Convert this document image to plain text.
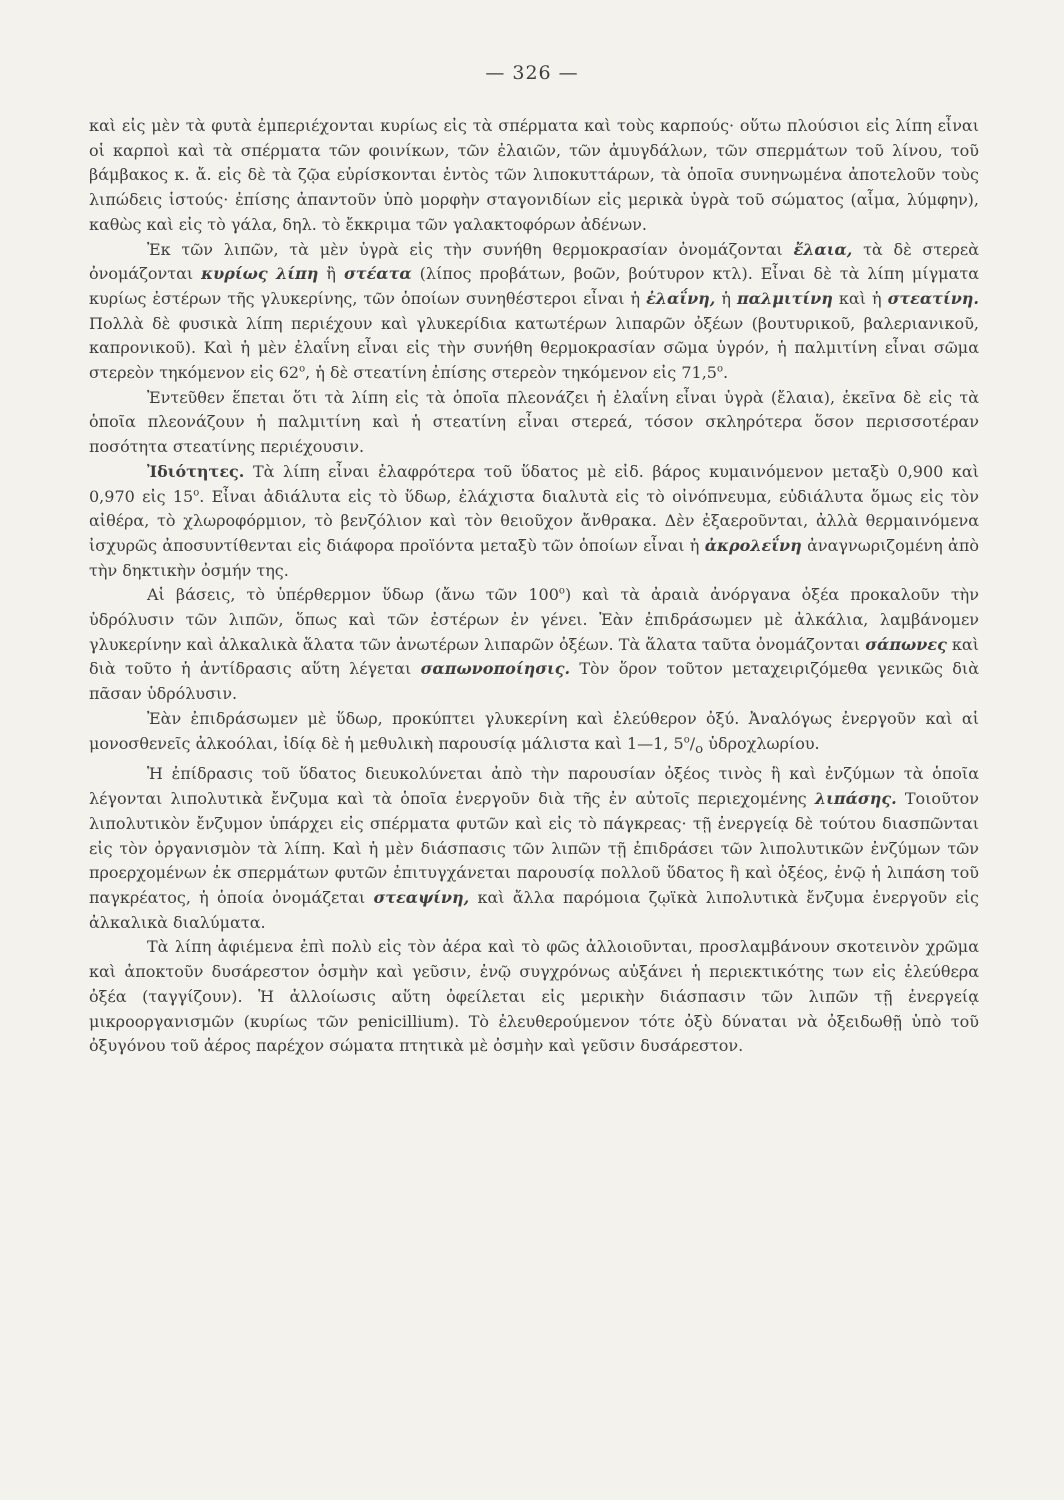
— 326 —

καὶ εἰς μὲν τὰ φυτὰ ἐμπεριέχονται κυρίως εἰς τὰ σπέρματα καὶ τοὺς καρπούς· οὕτω πλούσιοι εἰς λίπη εἶναι οἱ καρποὶ καὶ τὰ σπέρματα τῶν φοινίκων, τῶν ἐλαιῶν, τῶν ἀμυγδάλων, τῶν σπερμάτων τοῦ λίνου, τοῦ βάμβακος κ. ἄ. εἰς δὲ τὰ ζῷα εὑρίσκονται ἐντὸς τῶν λιποκυττάρων, τὰ ὁποῖα συνηνωμένα ἀποτελοῦν τοὺς λιπώδεις ἱστούς· ἐπίσης ἀπαντοῦν ὑπὸ μορφὴν σταγονιδίων εἰς μερικὰ ὑγρὰ τοῦ σώματος (αἷμα, λύμφην), καθὼς καὶ εἰς τὸ γάλα, δηλ. τὸ ἔκκριμα τῶν γαλακτοφόρων ἀδένων.

Ἐκ τῶν λιπῶν, τὰ μὲν ὑγρὰ εἰς τὴν συνήθη θερμοκρασίαν ὀνομάζονται ἔλαια, τὰ δὲ στερεὰ ὀνομάζονται κυρίως λίπη ἢ στέατα (λίπος προβάτων, βοῶν, βούτυρον κτλ). Εἶναι δὲ τὰ λίπη μίγματα κυρίως ἐστέρων τῆς γλυκερίνης, τῶν ὁποίων συνηθέστεροι εἶναι ἡ ἐλαΐνη, ἡ παλμιτίνη καὶ ἡ στεατίνη. Πολλὰ δὲ φυσικὰ λίπη περιέχουν καὶ γλυκερίδια κατωτέρων λιπαρῶν ὀξέων (βουτυρικοῦ, βαλεριανικοῦ, καπρονικοῦ). Καὶ ἡ μὲν ἐλαΐνη εἶναι εἰς τὴν συνήθη θερμοκρασίαν σῶμα ὑγρόν, ἡ παλμιτίνη εἶναι σῶμα στερεὸν τηκόμενον εἰς $62^o$, ἡ δὲ στεατίνη ἐπίσης στερεὸν τηκόμενον εἰς $71,5^o$.

Ἐντεῦθεν ἕπεται ὅτι τὰ λίπη εἰς τὰ ὁποῖα πλεονάζει ἡ ἐλαΐνη εἶναι ὑγρὰ (ἔλαια), ἐκεῖνα δὲ εἰς τὰ ὁποῖα πλεονάζουν ἡ παλμιτίνη καὶ ἡ στεατίνη εἶναι στερεά, τόσον σκληρότερα ὅσον περισσοτέραν ποσότητα στεατίνης περιέχουσιν.

Ἰδιότητες. Τὰ λίπη εἶναι ἐλαφρότερα τοῦ ὕδατος μὲ εἰδ. βάρος κυμαινόμενον μεταξὺ 0,900 καὶ 0,970 εἰς $15^o$. Εἶναι ἀδιάλυτα εἰς τὸ ὕδωρ, ἐλάχιστα διαλυτὰ εἰς τὸ οἰνόπνευμα, εὐδιάλυτα ὅμως εἰς τὸν αἰθέρα, τὸ χλωροφόρμιον, τὸ βενζόλιον καὶ τὸν θειοῦχον ἄνθρακα. Δὲν ἐξαεροῦνται, ἀλλὰ θερμαινόμενα ἰσχυρῶς ἀποσυντίθενται εἰς διάφορα προϊόντα μεταξὺ τῶν ὁποίων εἶναι ἡ ἀκρολεΐνη ἀναγνωριζομένη ἀπὸ τὴν δηκτικὴν ὀσμήν της.

Αἱ βάσεις, τὸ ὑπέρθερμον ὕδωρ (ἄνω τῶν $100^o$) καὶ τὰ ἀραιὰ ἀνόργανα ὀξέα προκαλοῦν τὴν ὑδρόλυσιν τῶν λιπῶν, ὅπως καὶ τῶν ἐστέρων ἐν γένει. Ἐὰν ἐπιδράσωμεν μὲ ἀλκάλια, λαμβάνομεν γλυκερίνην καὶ ἀλκαλικὰ ἅλατα τῶν ἀνωτέρων λιπαρῶν ὀξέων. Τὰ ἅλατα ταῦτα ὀνομάζονται σάπωνες καὶ διὰ τοῦτο ἡ ἀντίδρασις αὕτη λέγεται σαπωνοποίησις. Τὸν ὅρον τοῦτον μεταχειριζόμεθα γενικῶς διὰ πᾶσαν ὑδρόλυσιν.

Ἐὰν ἐπιδράσωμεν μὲ ὕδωρ, προκύπτει γλυκερίνη καὶ ἐλεύθερον ὀξύ. Ἀναλόγως ἐνεργοῦν καὶ αἱ μονοσθενεῖς ἀλκοόλαι, ἰδίᾳ δὲ ἡ μεθυλικὴ παρουσίᾳ μάλιστα καὶ 1—1, $5^o/_o$ ὑδροχλωρίου.

Ἡ ἐπίδρασις τοῦ ὕδατος διευκολύνεται ἀπὸ τὴν παρουσίαν ὀξέος τινὸς ἢ καὶ ἐνζύμων τὰ ὁποῖα λέγονται λιπολυτικὰ ἔνζυμα καὶ τὰ ὁποῖα ἐνεργοῦν διὰ τῆς ἐν αὐτοῖς περιεχομένης λιπάσης. Τοιοῦτον λιπολυτικὸν ἔνζυμον ὑπάρχει εἰς σπέρματα φυτῶν καὶ εἰς τὸ πάγκρεας· τῇ ἐνεργείᾳ δὲ τούτου διασπῶνται εἰς τὸν ὀργανισμὸν τὰ λίπη. Καὶ ἡ μὲν διάσπασις τῶν λιπῶν τῇ ἐπιδράσει τῶν λιπολυτικῶν ἐνζύμων τῶν προερχομένων ἐκ σπερμάτων φυτῶν ἐπιτυγχάνεται παρουσίᾳ πολλοῦ ὕδατος ἢ καὶ ὀξέος, ἐνῷ ἡ λιπάση τοῦ παγκρέατος, ἡ ὁποία ὀνομάζεται στεαψίνη, καὶ ἄλλα παρόμοια ζῳϊκὰ λιπολυτικὰ ἔνζυμα ἐνεργοῦν εἰς ἀλκαλικὰ διαλύματα.

Τὰ λίπη ἀφιέμενα ἐπὶ πολὺ εἰς τὸν ἀέρα καὶ τὸ φῶς ἀλλοιοῦνται, προσλαμβάνουν σκοτεινὸν χρῶμα καὶ ἀποκτοῦν δυσάρεστον ὀσμὴν καὶ γεῦσιν, ἐνῷ συγχρόνως αὐξάνει ἡ περιεκτικότης των εἰς ἐλεύθερα ὀξέα (ταγγίζουν). Ἡ ἀλλοίωσις αὕτη ὀφείλεται εἰς μερικὴν διάσπασιν τῶν λιπῶν τῇ ἐνεργείᾳ μικροοργανισμῶν (κυρίως τῶν penicillium). Τὸ ἐλευθερούμενον τότε ὀξὺ δύναται νὰ ὀξειδωθῇ ὑπὸ τοῦ ὀξυγόνου τοῦ ἀέρος παρέχον σώματα πτητικὰ μὲ ὀσμὴν καὶ γεῦσιν δυσάρεστον.
